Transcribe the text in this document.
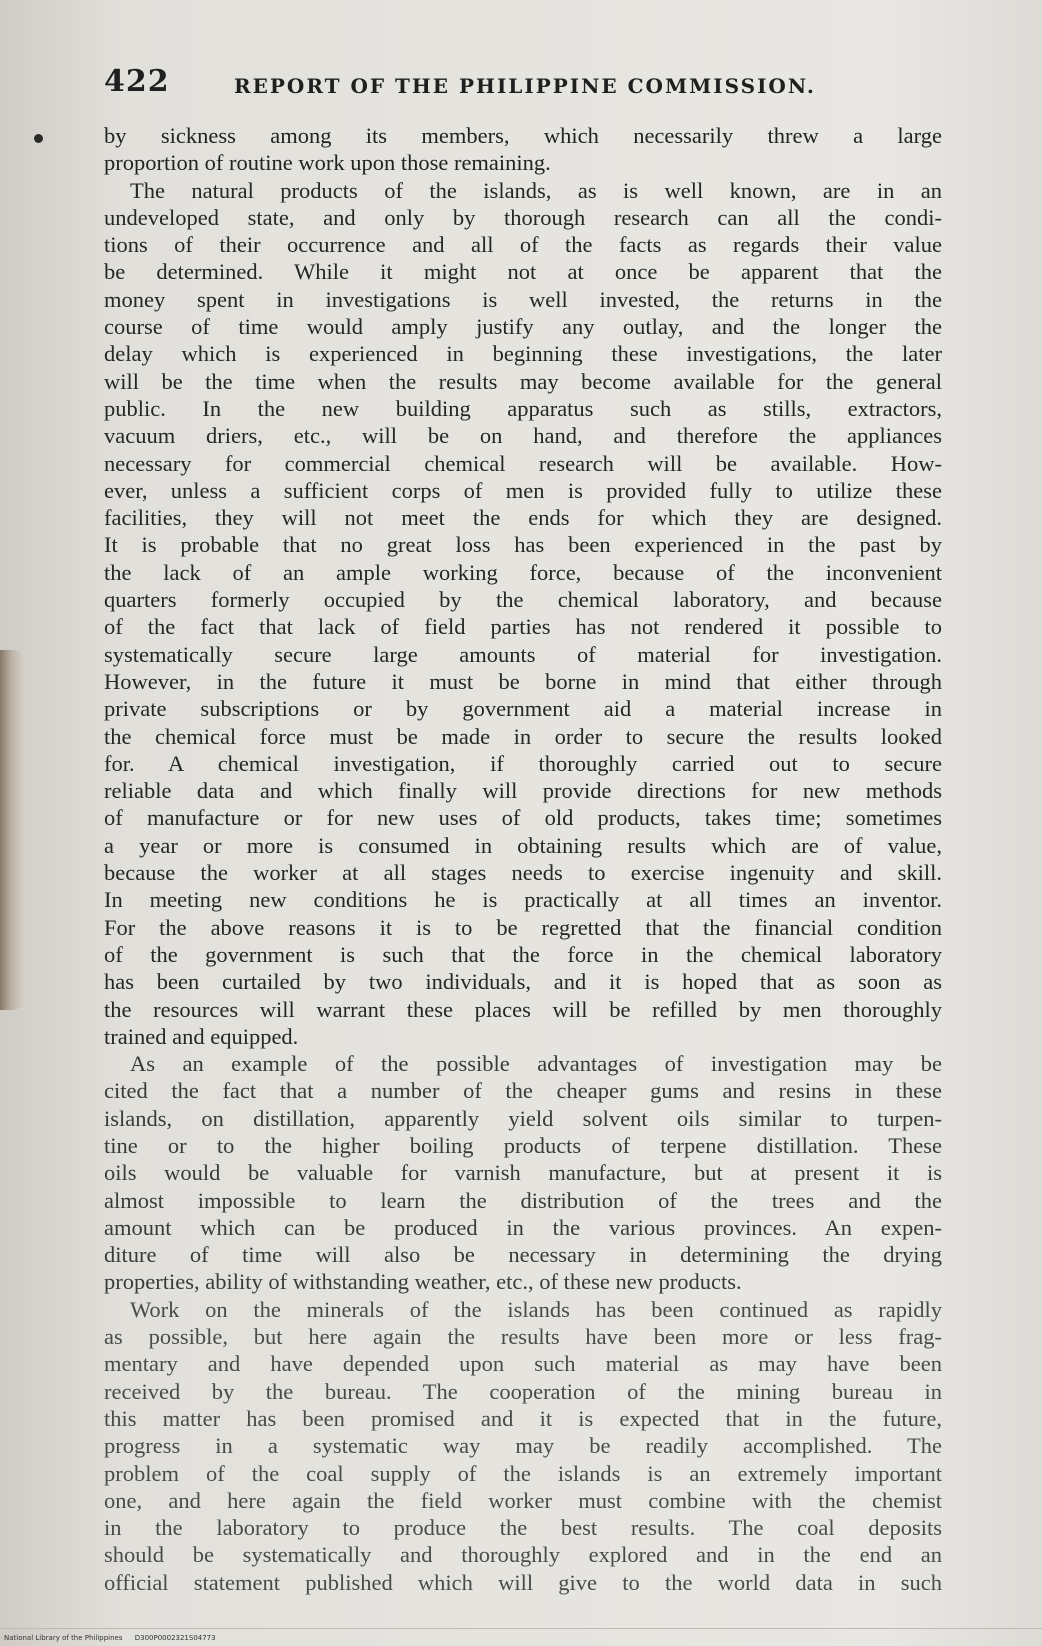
422	REPORT OF THE PHILIPPINE COMMISSION.
by sickness among its members, which necessarily threw a large
proportion of routine work upon those remaining.
The natural products of the islands, as is well known, are in an
undeveloped state, and only by thorough research can all the condi-
tions of their occurrence and all of the facts as regards their value
be determined. While it might not at once be apparent that the
money spent in investigations is well invested, the returns in the
course of time would amply justify any outlay, and the longer the
delay which is experienced in beginning these investigations, the later
will be the time when the results may become available for the general
public. In the new building apparatus such as stills, extractors,
vacuum driers, etc., will be on hand, and therefore the appliances
necessary for commercial chemical research will be available. How-
ever, unless a sufficient corps of men is provided fully to utilize these
facilities, they will not meet the ends for which they are designed.
It is probable that no great loss has been experienced in the past by
the lack of an ample working force, because of the inconvenient
quarters formerly occupied by the chemical laboratory, and because
of the fact that lack of field parties has not rendered it possible to
systematically secure large amounts of material for investigation.
However, in the future it must be borne in mind that either through
private subscriptions or by government aid a material increase in
the chemical force must be made in order to secure the results looked
for. A chemical investigation, if thoroughly carried out to secure
reliable data and which finally will provide directions for new methods
of manufacture or for new uses of old products, takes time; sometimes
a year or more is consumed in obtaining results which are of value,
because the worker at all stages needs to exercise ingenuity and skill.
In meeting new conditions he is practically at all times an inventor.
For the above reasons it is to be regretted that the financial condition
of the government is such that the force in the chemical laboratory
has been curtailed by two individuals, and it is hoped that as soon as
the resources will warrant these places will be refilled by men thoroughly
trained and equipped.
As an example of the possible advantages of investigation may be
cited the fact that a number of the cheaper gums and resins in these
islands, on distillation, apparently yield solvent oils similar to turpen-
tine or to the higher boiling products of terpene distillation. These
oils would be valuable for varnish manufacture, but at present it is
almost impossible to learn the distribution of the trees and the
amount which can be produced in the various provinces. An expen-
diture of time will also be necessary in determining the drying
properties, ability of withstanding weather, etc., of these new products.
Work on the minerals of the islands has been continued as rapidly
as possible, but here again the results have been more or less frag-
mentary and have depended upon such material as may have been
received by the bureau. The cooperation of the mining bureau in
this matter has been promised and it is expected that in the future,
progress in a systematic way may be readily accomplished. The
problem of the coal supply of the islands is an extremely important
one, and here again the field worker must combine with the chemist
in the laboratory to produce the best results. The coal deposits
should be systematically and thoroughly explored and in the end an
official statement published which will give to the world data in such
National Library of the Philippines D300P0002321S04773
